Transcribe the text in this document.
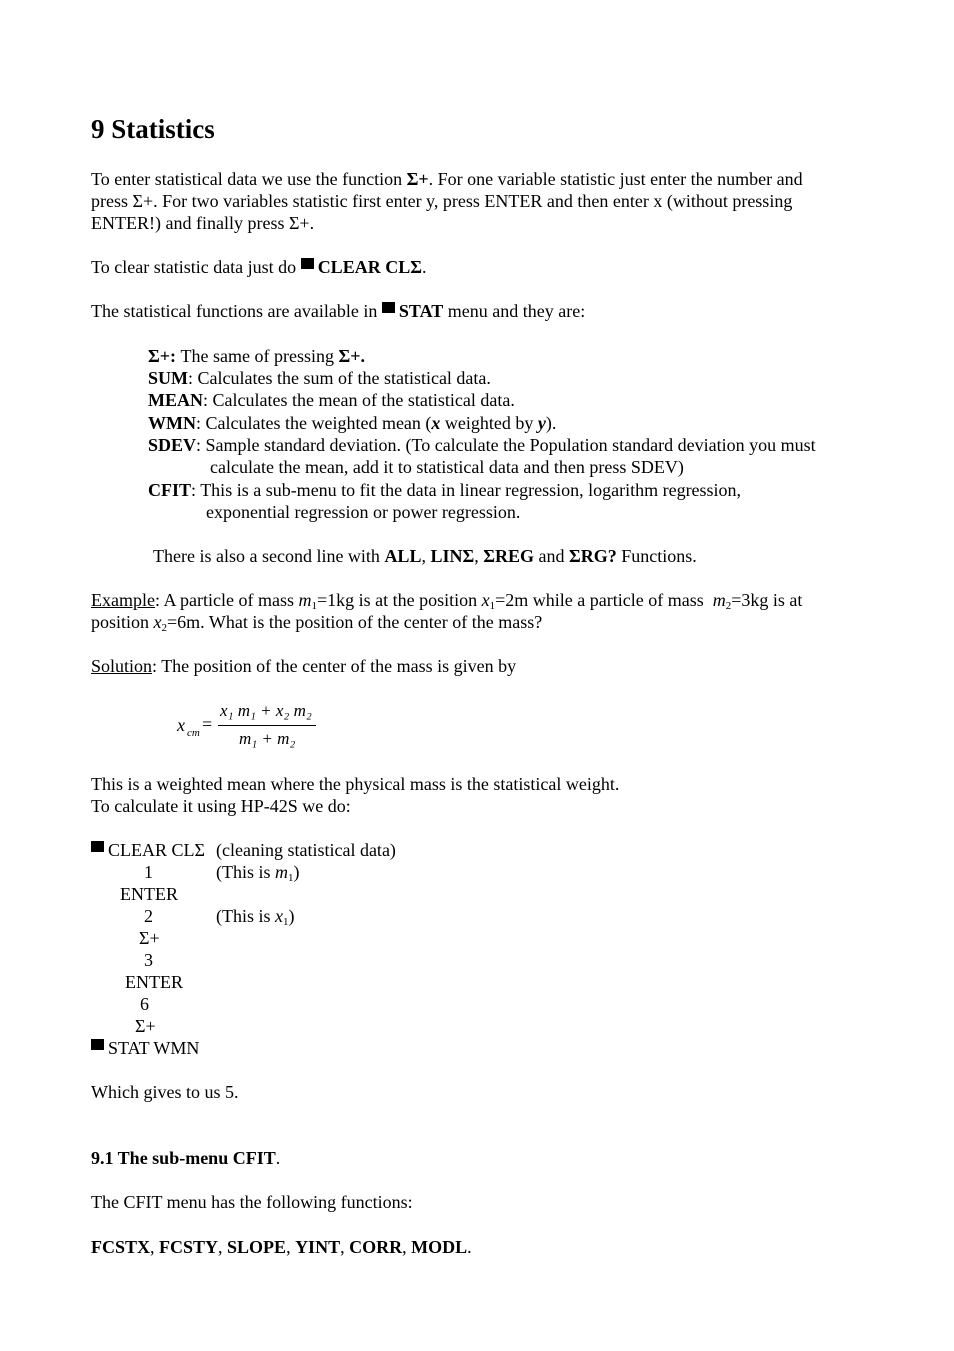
9 Statistics
To enter statistical data we use the function Σ+. For one variable statistic just enter the number and
press Σ+. For two variables statistic first enter y, press ENTER and then enter x (without pressing
ENTER!) and finally press Σ+.
To clear statistic data just do CLEAR CLΣ.
The statistical functions are available in STAT menu and they are:
Σ+: The same of pressing Σ+.
SUM: Calculates the sum of the statistical data.
MEAN: Calculates the mean of the statistical data.
WMN: Calculates the weighted mean (x weighted by y).
SDEV: Sample standard deviation. (To calculate the Population standard deviation you must
calculate the mean, add it to statistical data and then press SDEV)
CFIT: This is a sub-menu to fit the data in linear regression, logarithm regression,
exponential regression or power regression.
There is also a second line with ALL, LINΣ, ΣREG and ΣRG? Functions.
Example: A particle of mass m1=1kg is at the position x1=2m while a particle of mass  m2=3kg is at
position x2=6m. What is the position of the center of the mass?
Solution: The position of the center of the mass is given by
x cm =
x₁ m₁ + x₂ m₂
m₁ + m₂
This is a weighted mean where the physical mass is the statistical weight.
To calculate it using HP-42S we do:
CLEAR CLΣ (cleaning statistical data)
1	(This is m1)
ENTER
2	(This is x1)
Σ+
3
ENTER
6
Σ+
STAT WMN
Which gives to us 5.
9.1 The sub-menu CFIT.
The CFIT menu has the following functions:
FCSTX, FCSTY, SLOPE, YINT, CORR, MODL.
